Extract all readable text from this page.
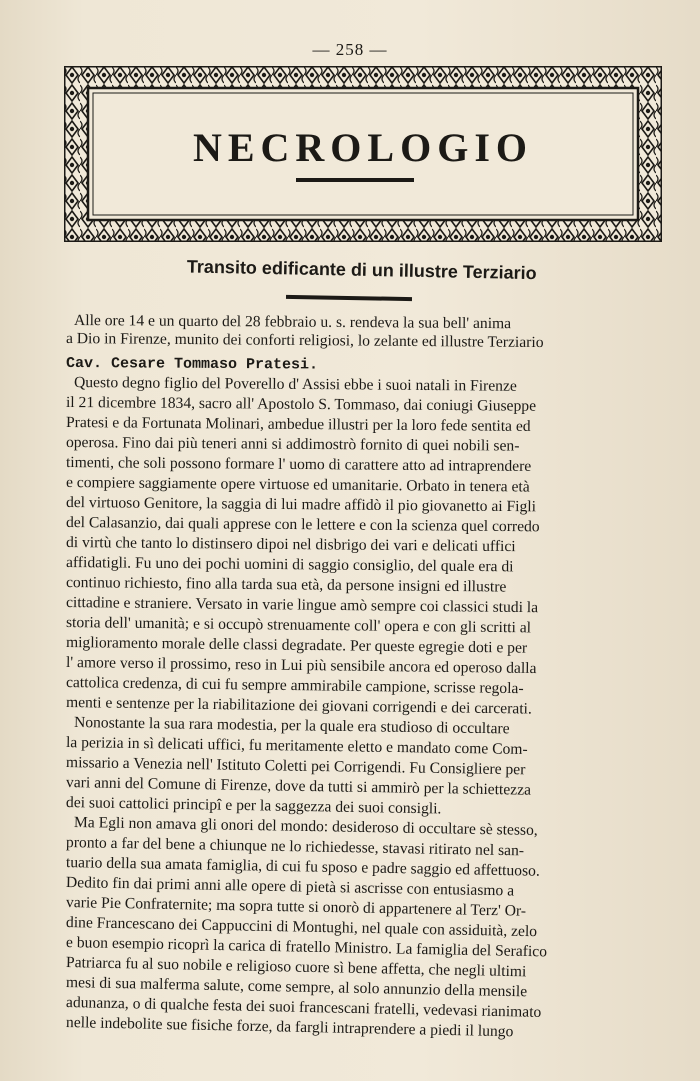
— 258 —
NECROLOGIO
Transito edificante di un illustre Terziario
Alle ore 14 e un quarto del 28 febbraio u. s. rendeva la sua bell' anima
a Dio in Firenze, munito dei conforti religiosi, lo zelante ed illustre Terziario
Cav. Cesare Tommaso Pratesi.
Questo degno figlio del Poverello d' Assisi ebbe i suoi natali in Firenze
il 21 dicembre 1834, sacro all' Apostolo S. Tommaso, dai coniugi Giuseppe
Pratesi e da Fortunata Molinari, ambedue illustri per la loro fede sentita ed
operosa. Fino dai più teneri anni si addimostrò fornito di quei nobili sen-
timenti, che soli possono formare l' uomo di carattere atto ad intraprendere
e compiere saggiamente opere virtuose ed umanitarie. Orbato in tenera età
del virtuoso Genitore, la saggia di lui madre affidò il pio giovanetto ai Figli
del Calasanzio, dai quali apprese con le lettere e con la scienza quel corredo
di virtù che tanto lo distinsero dipoi nel disbrigo dei vari e delicati uffici
affidatigli. Fu uno dei pochi uomini di saggio consiglio, del quale era di
continuo richiesto, fino alla tarda sua età, da persone insigni ed illustre
cittadine e straniere. Versato in varie lingue amò sempre coi classici studi la
storia dell' umanità; e si occupò strenuamente coll' opera e con gli scritti al
miglioramento morale delle classi degradate. Per queste egregie doti e per
l' amore verso il prossimo, reso in Lui più sensibile ancora ed operoso dalla
cattolica credenza, di cui fu sempre ammirabile campione, scrisse regola-
menti e sentenze per la riabilitazione dei giovani corrigendi e dei carcerati.
Nonostante la sua rara modestia, per la quale era studioso di occultare
la perizia in sì delicati uffici, fu meritamente eletto e mandato come Com-
missario a Venezia nell' Istituto Coletti pei Corrigendi. Fu Consigliere per
vari anni del Comune di Firenze, dove da tutti si ammirò per la schiettezza
dei suoi cattolici principî e per la saggezza dei suoi consigli.
Ma Egli non amava gli onori del mondo: desideroso di occultare sè stesso,
pronto a far del bene a chiunque ne lo richiedesse, stavasi ritirato nel san-
tuario della sua amata famiglia, di cui fu sposo e padre saggio ed affettuoso.
Dedito fin dai primi anni alle opere di pietà si ascrisse con entusiasmo a
varie Pie Confraternite; ma sopra tutte si onorò di appartenere al Terz' Or-
dine Francescano dei Cappuccini di Montughi, nel quale con assiduità, zelo
e buon esempio ricoprì la carica di fratello Ministro. La famiglia del Serafico
Patriarca fu al suo nobile e religioso cuore sì bene affetta, che negli ultimi
mesi di sua malferma salute, come sempre, al solo annunzio della mensile
adunanza, o di qualche festa dei suoi francescani fratelli, vedevasi rianimato
nelle indebolite sue fisiche forze, da fargli intraprendere a piedi il lungo
